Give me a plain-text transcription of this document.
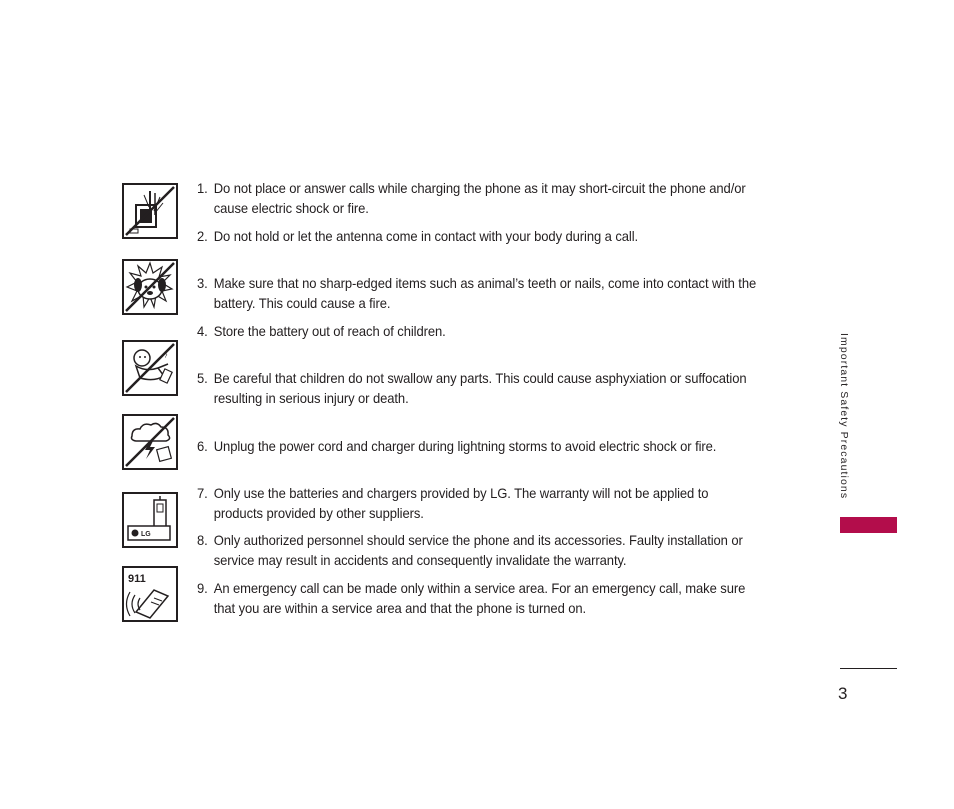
?
LG
911
1. Do not place or answer calls while charging the phone as it may short-circuit the phone and/or cause electric shock or fire.
2. Do not hold or let the antenna come in contact with your body during a call.
3. Make sure that no sharp-edged items such as animal’s teeth or nails, come into contact with the battery. This could cause a fire.
4. Store the battery out of reach of children.
5. Be careful that children do not swallow any parts. This could cause asphyxiation or suffocation resulting in serious injury or death.
6. Unplug the power cord and charger during lightning storms to avoid electric shock or fire.
7. Only use the batteries and chargers provided by LG. The warranty will not be applied to products provided by other suppliers.
8. Only authorized personnel should service the phone and its accessories. Faulty installation or service may result in accidents and consequently invalidate the warranty.
9. An emergency call can be made only within a service area. For an emergency call, make sure that you are within a service area and that the phone is turned on.
Important Safety Precautions
3
